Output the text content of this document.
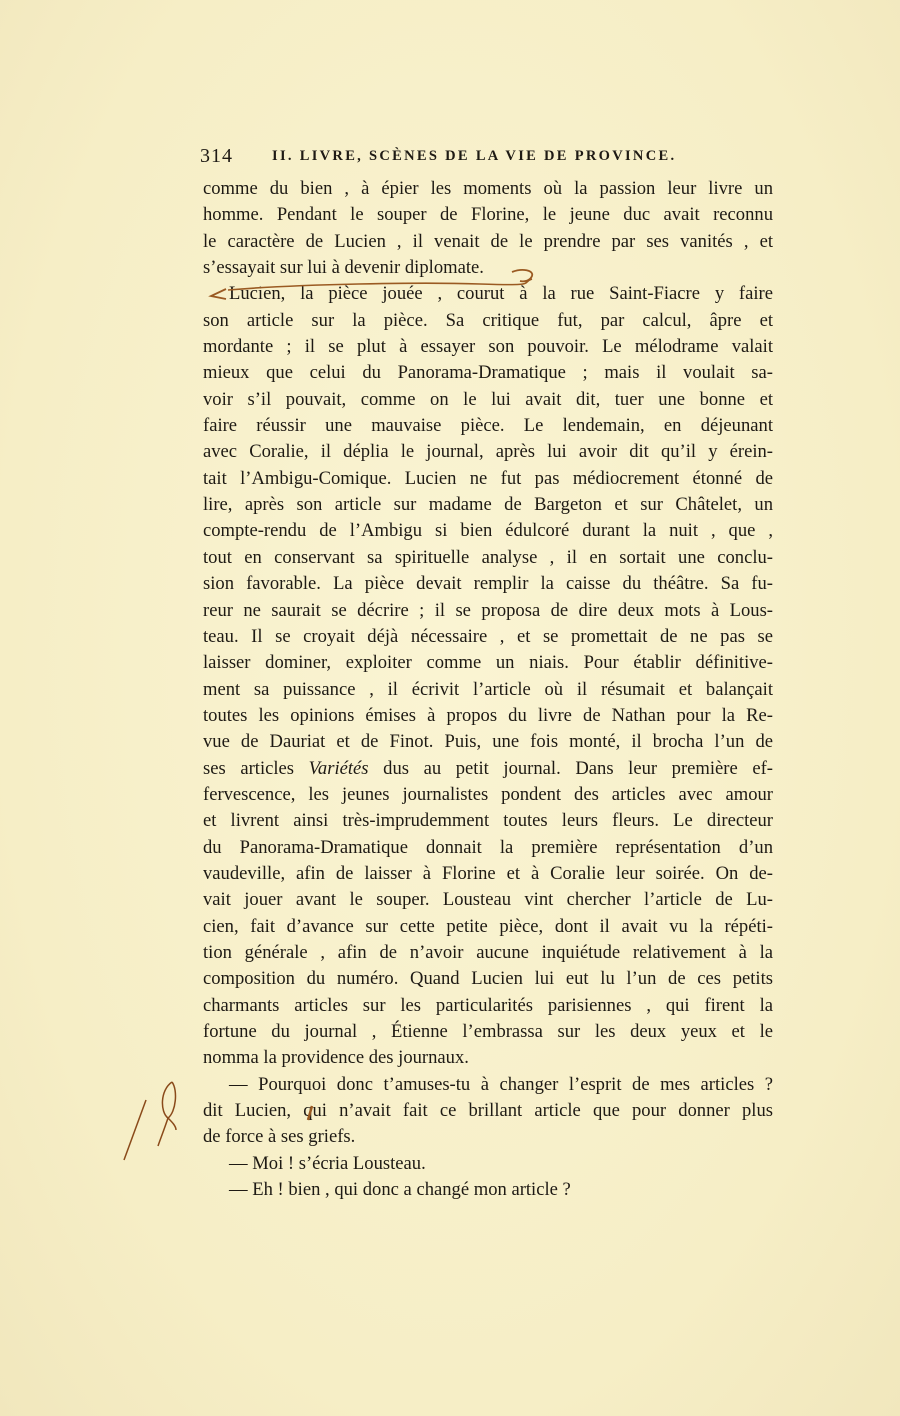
314	II. LIVRE, SCÈNES DE LA VIE DE PROVINCE.
comme du bien , à épier les moments où la passion leur livre un
homme. Pendant le souper de Florine, le jeune duc avait reconnu
le caractère de Lucien , il venait de le prendre par ses vanités , et
s’essayait sur lui à devenir diplomate.
Lucien, la pièce jouée , courut à la rue Saint-Fiacre y faire
son article sur la pièce. Sa critique fut, par calcul, âpre et
mordante ; il se plut à essayer son pouvoir. Le mélodrame valait
mieux que celui du Panorama-Dramatique ; mais il voulait sa-
voir s’il pouvait, comme on le lui avait dit, tuer une bonne et
faire réussir une mauvaise pièce. Le lendemain, en déjeunant
avec Coralie, il déplia le journal, après lui avoir dit qu’il y érein-
tait l’Ambigu-Comique. Lucien ne fut pas médiocrement étonné de
lire, après son article sur madame de Bargeton et sur Châtelet, un
compte-rendu de l’Ambigu si bien édulcoré durant la nuit , que ,
tout en conservant sa spirituelle analyse , il en sortait une conclu-
sion favorable. La pièce devait remplir la caisse du théâtre. Sa fu-
reur ne saurait se décrire ; il se proposa de dire deux mots à Lous-
teau. Il se croyait déjà nécessaire , et se promettait de ne pas se
laisser dominer, exploiter comme un niais. Pour établir définitive-
ment sa puissance , il écrivit l’article où il résumait et balançait
toutes les opinions émises à propos du livre de Nathan pour la Re-
vue de Dauriat et de Finot. Puis, une fois monté, il brocha l’un de
ses articles Variétés dus au petit journal. Dans leur première ef-
fervescence, les jeunes journalistes pondent des articles avec amour
et livrent ainsi très-imprudemment toutes leurs fleurs. Le directeur
du Panorama-Dramatique donnait la première représentation d’un
vaudeville, afin de laisser à Florine et à Coralie leur soirée. On de-
vait jouer avant le souper. Lousteau vint chercher l’article de Lu-
cien, fait d’avance sur cette petite pièce, dont il avait vu la répéti-
tion générale , afin de n’avoir aucune inquiétude relativement à la
composition du numéro. Quand Lucien lui eut lu l’un de ces petits
charmants articles sur les particularités parisiennes , qui firent la
fortune du journal , Étienne l’embrassa sur les deux yeux et le
nomma la providence des journaux.
— Pourquoi donc t’amuses-tu à changer l’esprit de mes articles ?
dit Lucien, qui n’avait fait ce brillant article que pour donner plus
de force à ses griefs.
— Moi ! s’écria Lousteau.
— Eh ! bien , qui donc a changé mon article ?
